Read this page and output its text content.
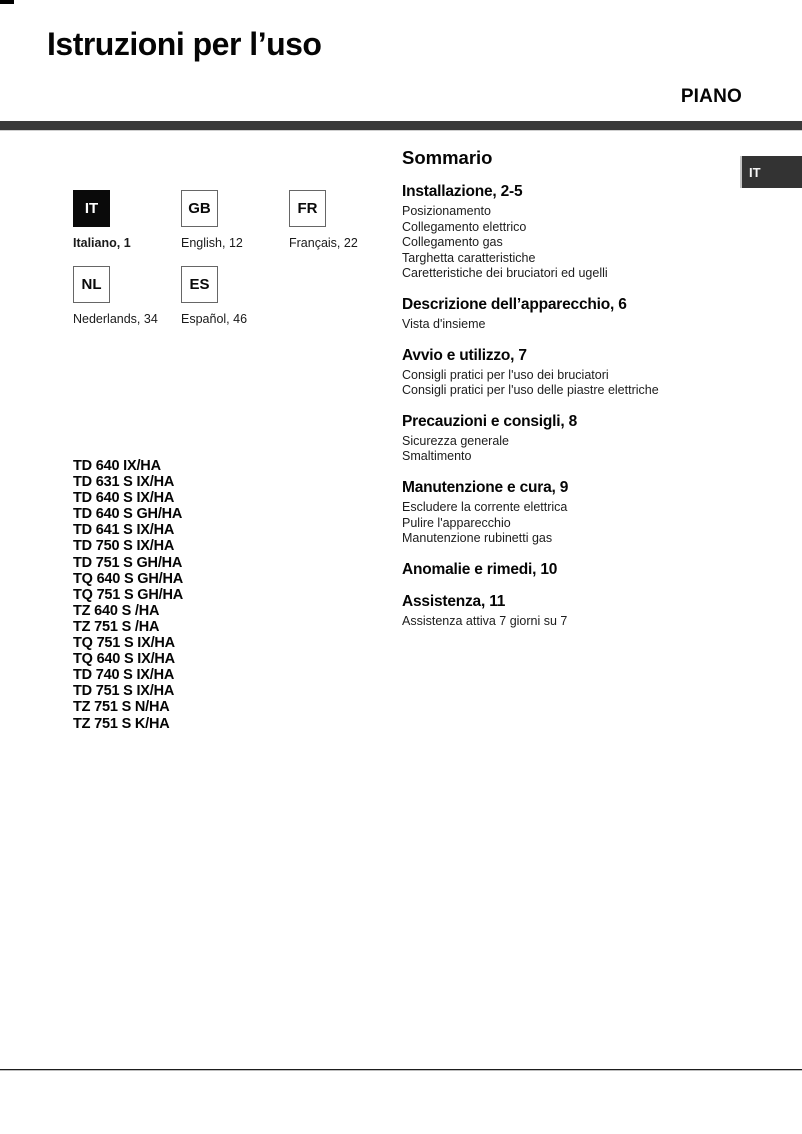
Istruzioni per l’uso
PIANO
IT
IT
Italiano, 1
GB
English, 12
FR
Français, 22
NL
Nederlands, 34
ES
Español, 46
TD 640 IX/HA
TD 631 S IX/HA
TD 640 S IX/HA
TD 640 S GH/HA
TD 641 S IX/HA
TD 750 S IX/HA
TD 751 S GH/HA
TQ 640 S GH/HA
TQ 751 S GH/HA
TZ 640 S /HA
TZ 751 S /HA
TQ 751 S IX/HA
TQ 640 S IX/HA
TD 740 S IX/HA
TD 751 S IX/HA
TZ 751 S N/HA
TZ 751 S K/HA
Sommario
Installazione, 2-5
Posizionamento
Collegamento elettrico
Collegamento gas
Targhetta caratteristiche
Caretteristiche dei bruciatori ed ugelli
Descrizione dell’apparecchio, 6
Vista d'insieme
Avvio e utilizzo, 7
Consigli pratici per l'uso dei bruciatori
Consigli pratici per l'uso delle piastre elettriche
Precauzioni e consigli, 8
Sicurezza generale
Smaltimento
Manutenzione e cura, 9
Escludere la corrente elettrica
Pulire l'apparecchio
Manutenzione rubinetti gas
Anomalie e rimedi, 10
Assistenza, 11
Assistenza attiva 7 giorni su 7
